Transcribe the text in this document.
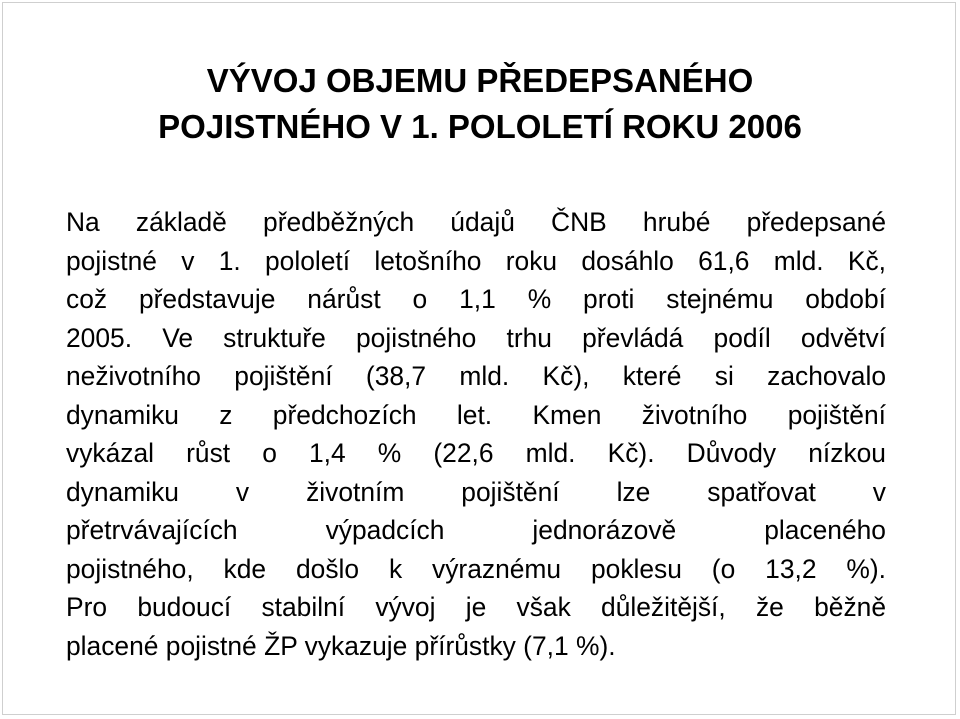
VÝVOJ OBJEMU PŘEDEPSANÉHO
POJISTNÉHO V 1. POLOLETÍ ROKU 2006
Na základě předběžných údajů ČNB hrubé předepsané
pojistné v 1. pololetí letošního roku dosáhlo 61,6 mld. Kč,
což představuje nárůst o 1,1 % proti stejnému období
2005. Ve struktuře pojistného trhu převládá podíl odvětví
neživotního pojištění (38,7 mld. Kč), které si zachovalo
dynamiku z předchozích let. Kmen životního pojištění
vykázal růst o 1,4 % (22,6 mld. Kč). Důvody nízkou
dynamiku v životním pojištění lze spatřovat v
přetrvávajících výpadcích jednorázově placeného
pojistného, kde došlo k výraznému poklesu (o 13,2 %).
Pro budoucí stabilní vývoj je však důležitější, že běžně
placené pojistné ŽP vykazuje přírůstky (7,1 %).
